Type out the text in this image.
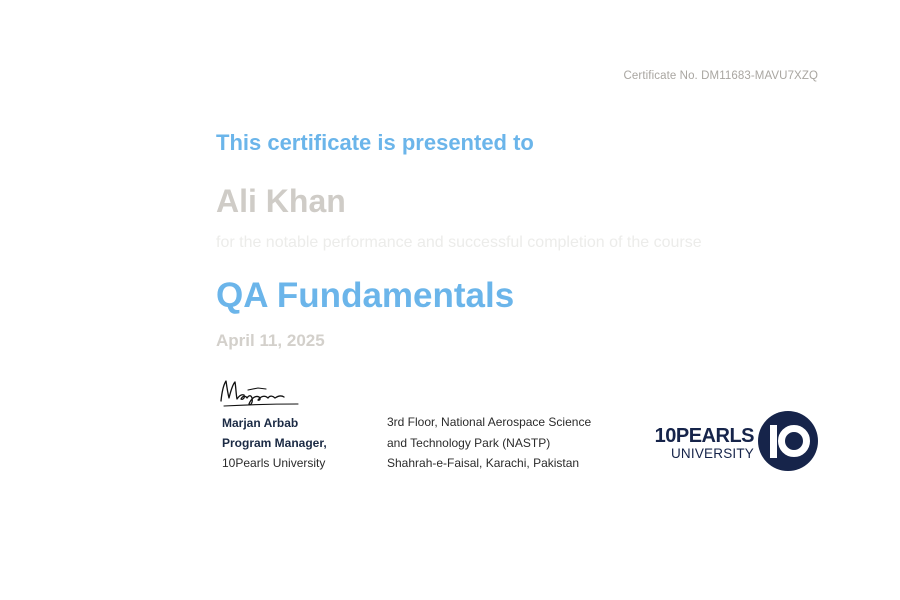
Certificate No. DM11683-MAVU7XZQ
This certificate is presented to
Ali Khan
for the notable performance and successful completion of the course
QA Fundamentals
April 11, 2025
Marjan Arbab
Program Manager,
10Pearls University
3rd Floor, National Aerospace Science
and Technology Park (NASTP)
Shahrah-e-Faisal, Karachi, Pakistan
10PEARLS
UNIVERSITY
